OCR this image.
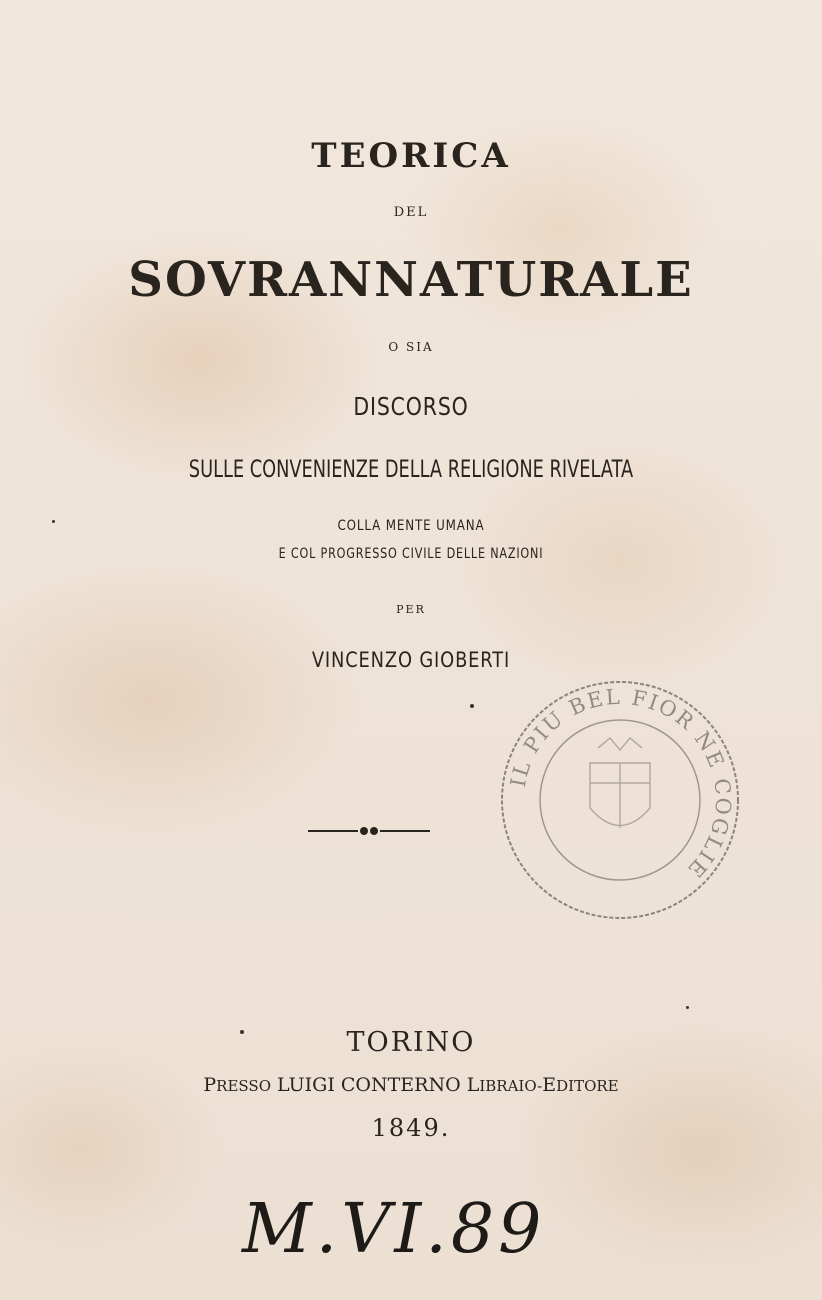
TEORICA
DEL
SOVRANNATURALE
O SIA
DISCORSO
SULLE CONVENIENZE DELLA RELIGIONE RIVELATA
COLLA MENTE UMANA
E COL PROGRESSO CIVILE DELLE NAZIONI
PER
VINCENZO GIOBERTI
IL PIU BEL FIOR NE COGLIE
TORINO
PRESSO LUIGI CONTERNO LIBRAIO-EDITORE
1849.
M.VI.89
